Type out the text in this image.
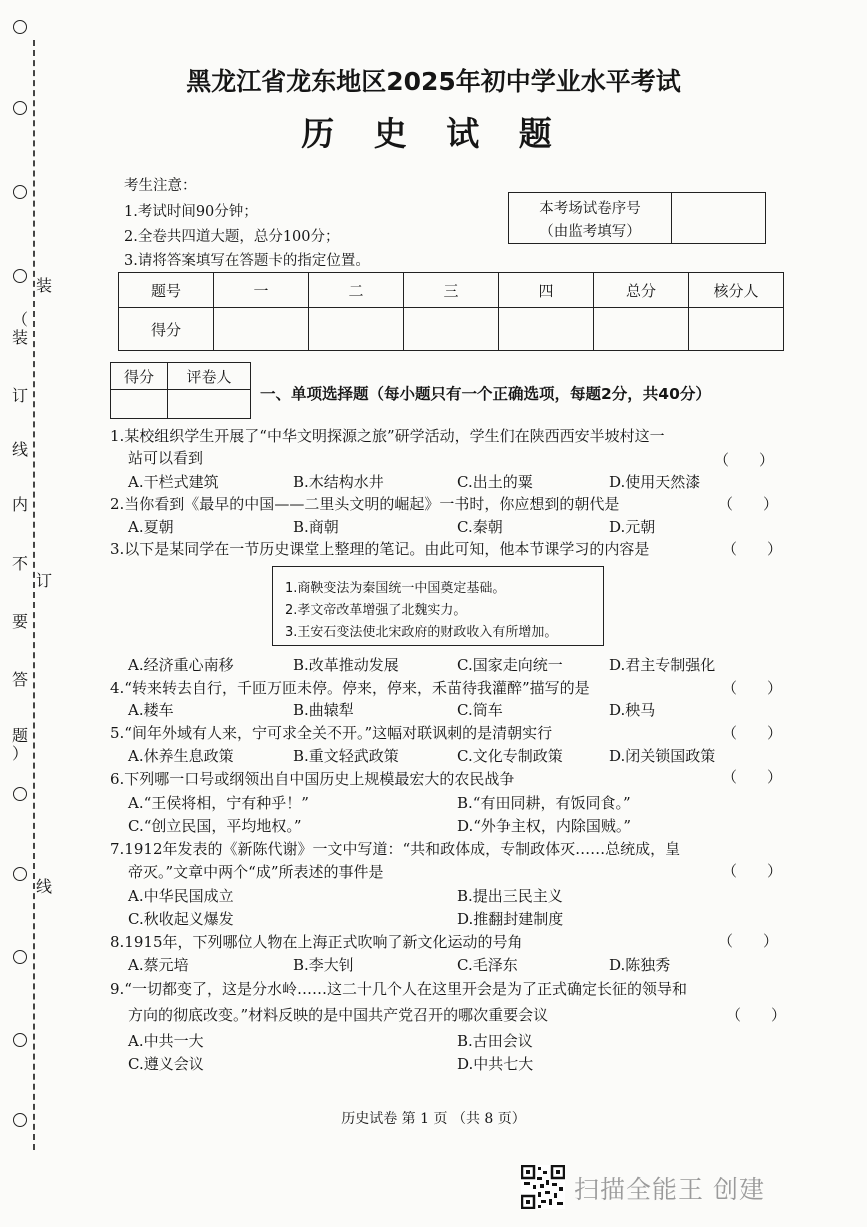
装
（
装
订
线
内
不
要
答
题
）
订
线
黑龙江省龙东地区2025年初中学业水平考试
历 史 试 题
考生注意：
1.考试时间90分钟；
2.全卷共四道大题，总分100分；
3.请将答案填写在答题卡的指定位置。
本考场试卷序号
（由监考填写）
题号	一	二	三	四	总分	核分人
得分						
得分	评卷人

一、单项选择题（每小题只有一个正确选项，每题2分，共40分）
1.某校组织学生开展了“中华文明探源之旅”研学活动，学生们在陕西西安半坡村这一
站可以看到	（　　）
A.干栏式建筑	B.木结构水井	C.出土的粟	D.使用天然漆
2.当你看到《最早的中国——二里头文明的崛起》一书时，你应想到的朝代是	（　　）
A.夏朝	B.商朝	C.秦朝	D.元朝
3.以下是某同学在一节历史课堂上整理的笔记。由此可知，他本节课学习的内容是	（　　）
1.商鞅变法为秦国统一中国奠定基础。
2.孝文帝改革增强了北魏实力。
3.王安石变法使北宋政府的财政收入有所增加。
A.经济重心南移	B.改革推动发展	C.国家走向统一	D.君主专制强化
4.“转来转去自行，千匝万匝未停。停来，停来，禾苗待我灌醉”描写的是	（　　）
A.耧车	B.曲辕犁	C.筒车	D.秧马
5.“间年外域有人来，宁可求全关不开。”这幅对联讽刺的是清朝实行	（　　）
A.休养生息政策	B.重文轻武政策	C.文化专制政策	D.闭关锁国政策
6.下列哪一口号或纲领出自中国历史上规模最宏大的农民战争	（　　）
A.“王侯将相，宁有种乎！”	B.“有田同耕，有饭同食。”
C.“创立民国，平均地权。”	D.“外争主权，内除国贼。”
7.1912年发表的《新陈代谢》一文中写道：“共和政体成，专制政体灭……总统成，皇
帝灭。”文章中两个“成”所表述的事件是	（　　）
A.中华民国成立	B.提出三民主义
C.秋收起义爆发	D.推翻封建制度
8.1915年，下列哪位人物在上海正式吹响了新文化运动的号角	（　　）
A.蔡元培	B.李大钊	C.毛泽东	D.陈独秀
9.“一切都变了，这是分水岭……这二十几个人在这里开会是为了正式确定长征的领导和
方向的彻底改变。”材料反映的是中国共产党召开的哪次重要会议	（　　）
A.中共一大	B.古田会议
C.遵义会议	D.中共七大
历史试卷 第 1 页 （共 8 页）
扫描全能王 创建
